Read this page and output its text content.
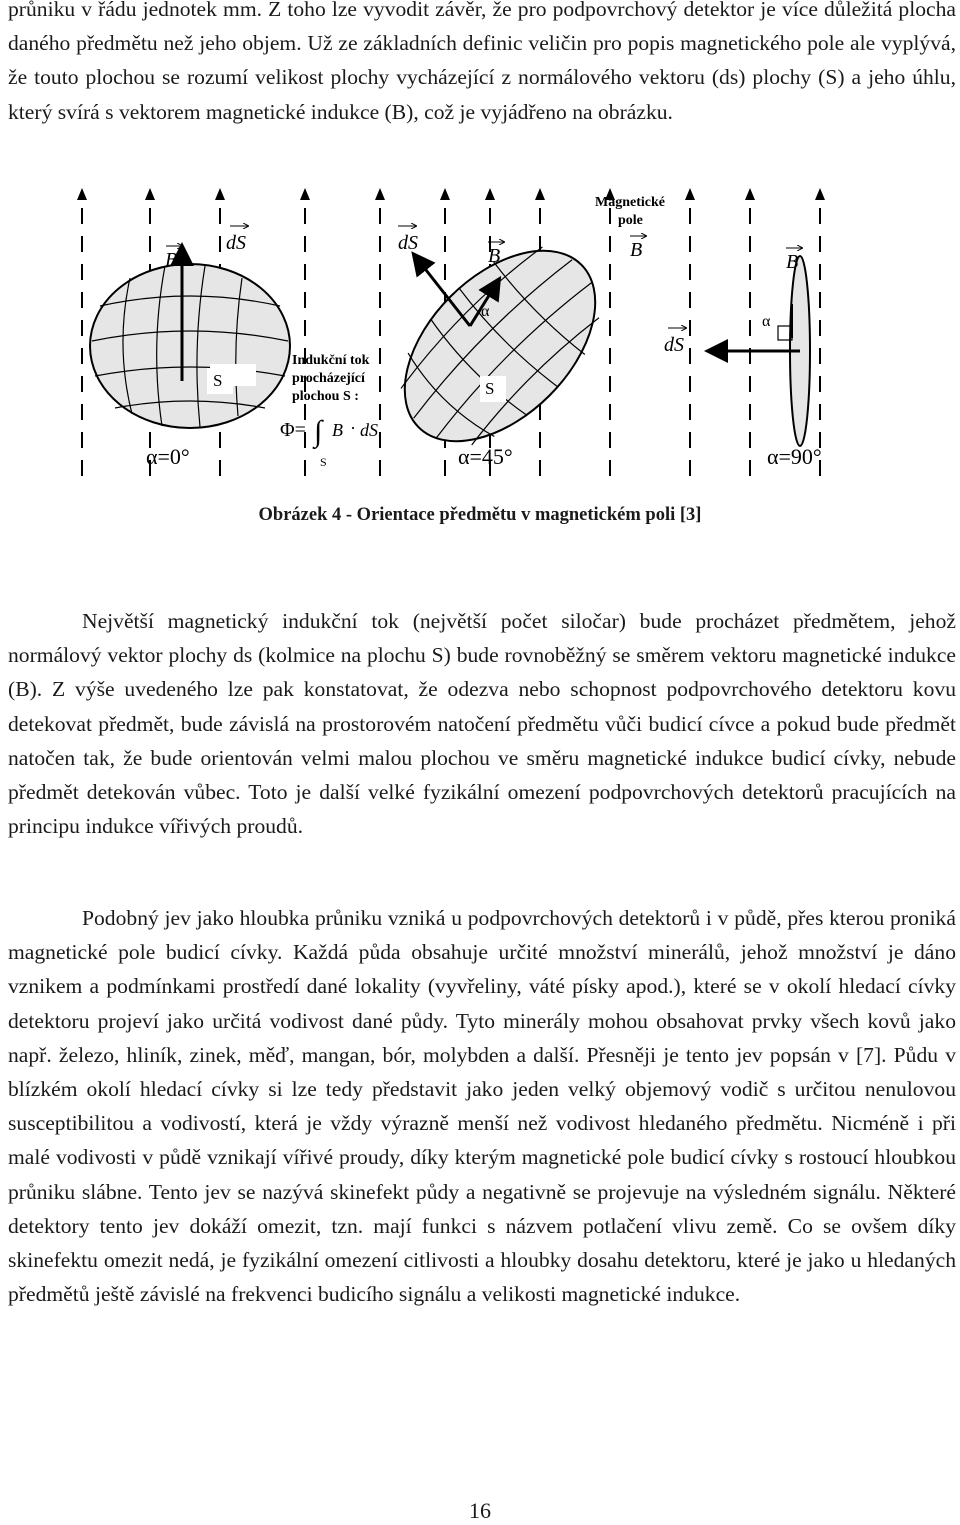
průniku v řádu jednotek mm. Z toho lze vyvodit závěr, že pro podpovrchový detektor je více důležitá plocha daného předmětu než jeho objem. Už ze základních definic veličin pro popis magnetického pole ale vyplývá, že touto plochou se rozumí velikost plochy vycházející z normálového vektoru (ds) plochy (S) a jeho úhlu, který svírá s vektorem magnetické indukce (B), což je vyjádřeno na obrázku.

S
B
dS
α=0°
Indukční tok
procházející
plochou S :
Φ= ∫ B · dS
S
S
α
dS
B
α=45°
Magnetické
pole
B
α
dS
B
α=90°
Obrázek 4 - Orientace předmětu v magnetickém poli [3]

Největší magnetický indukční tok (největší počet siločar) bude procházet předmětem, jehož normálový vektor plochy ds (kolmice na plochu S) bude rovnoběžný se směrem vektoru magnetické indukce (B). Z výše uvedeného lze pak konstatovat, že odezva nebo schopnost podpovrchového detektoru kovu detekovat předmět, bude závislá na prostorovém natočení předmětu vůči budicí cívce a pokud bude předmět natočen tak, že bude orientován velmi malou plochou ve směru magnetické indukce budicí cívky, nebude předmět detekován vůbec. Toto je další velké fyzikální omezení podpovrchových detektorů pracujících na principu indukce vířivých proudů.

Podobný jev jako hloubka průniku vzniká u podpovrchových detektorů i v půdě, přes kterou proniká magnetické pole budicí cívky. Každá půda obsahuje určité množství minerálů, jehož množství je dáno vznikem a podmínkami prostředí dané lokality (vyvřeliny, váté písky apod.), které se v okolí hledací cívky detektoru projeví jako určitá vodivost dané půdy. Tyto minerály mohou obsahovat prvky všech kovů jako např. železo, hliník, zinek, měď, mangan, bór, molybden a další. Přesněji je tento jev popsán v [7]. Půdu v blízkém okolí hledací cívky si lze tedy představit jako jeden velký objemový vodič s určitou nenulovou susceptibilitou a vodivostí, která je vždy výrazně menší než vodivost hledaného předmětu. Nicméně i při malé vodivosti v půdě vznikají vířivé proudy, díky kterým magnetické pole budicí cívky s rostoucí hloubkou průniku slábne. Tento jev se nazývá skinefekt půdy a negativně se projevuje na výsledném signálu. Některé detektory tento jev dokáží omezit, tzn. mají funkci s názvem potlačení vlivu země. Co se ovšem díky skinefektu omezit nedá, je fyzikální omezení citlivosti a hloubky dosahu detektoru, které je jako u hledaných předmětů ještě závislé na frekvenci budicího signálu a velikosti magnetické indukce.

16
